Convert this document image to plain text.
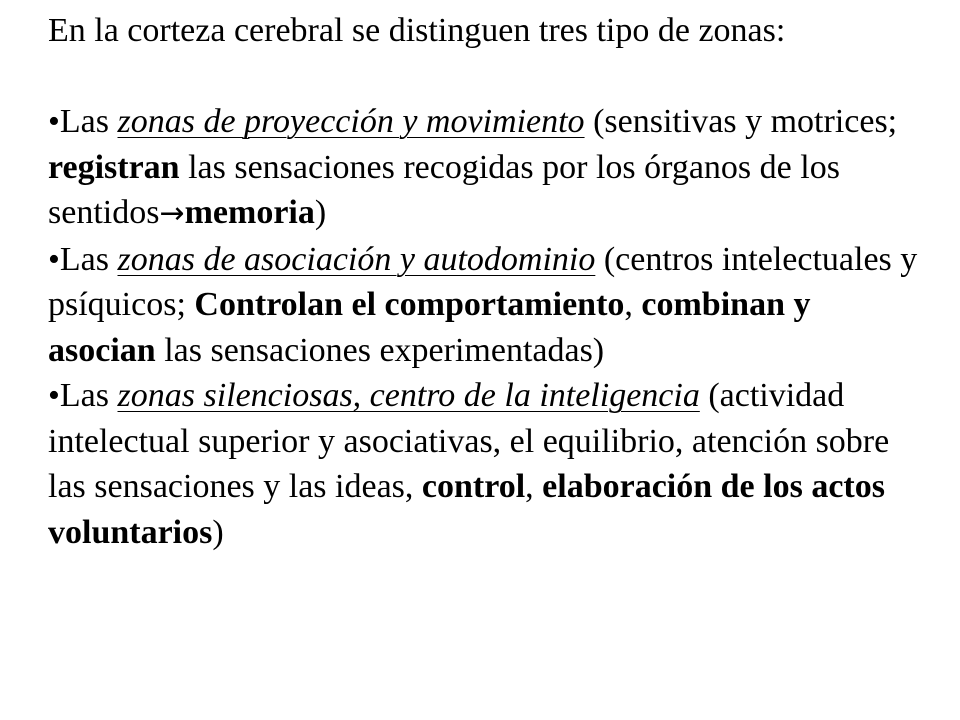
En la corteza cerebral se distinguen tres tipo de zonas:

•Las zonas de proyección y movimiento (sensitivas y motrices; registran las sensaciones recogidas por los órganos de los sentidos→memoria)

•Las zonas de asociación y autodominio (centros intelectuales y psíquicos; Controlan el comportamiento, combinan y asocian las sensaciones experimentadas)

•Las zonas silenciosas, centro de la inteligencia (actividad intelectual superior y asociativas, el equilibrio, atención sobre las sensaciones y las ideas, control, elaboración de los actos voluntarios)
